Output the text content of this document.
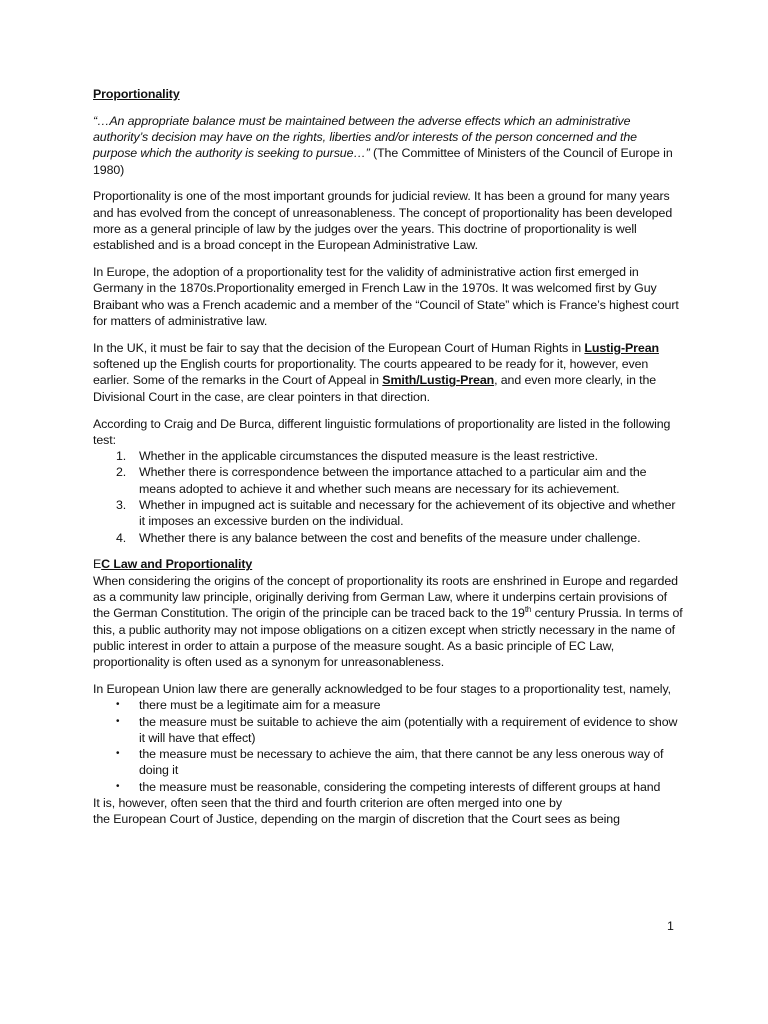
Proportionality

“…An appropriate balance must be maintained between the adverse effects which an administrative authority’s decision may have on the rights, liberties and/or interests of the person concerned and the purpose which the authority is seeking to pursue…” (The Committee of Ministers of the Council of Europe in 1980)

Proportionality is one of the most important grounds for judicial review. It has been a ground for many years and has evolved from the concept of unreasonableness. The concept of proportionality has been developed more as a general principle of law by the judges over the years. This doctrine of proportionality is well established and is a broad concept in the European Administrative Law.

In Europe, the adoption of a proportionality test for the validity of administrative action first emerged in Germany in the 1870s.Proportionality emerged in French Law in the 1970s. It was welcomed first by Guy Braibant who was a French academic and a member of the “Council of State” which is France’s highest court for matters of administrative law.

In the UK, it must be fair to say that the decision of the European Court of Human Rights in Lustig-Prean softened up the English courts for proportionality. The courts appeared to be ready for it, however, even earlier. Some of the remarks in the Court of Appeal in Smith/Lustig-Prean, and even more clearly, in the Divisional Court in the case, are clear pointers in that direction.

According to Craig and De Burca, different linguistic formulations of proportionality are listed in the following test:

1. Whether in the applicable circumstances the disputed measure is the least restrictive.
2. Whether there is correspondence between the importance attached to a particular aim and the means adopted to achieve it and whether such means are necessary for its achievement.
3. Whether in impugned act is suitable and necessary for the achievement of its objective and whether it imposes an excessive burden on the individual.
4. Whether there is any balance between the cost and benefits of the measure under challenge.

EC Law and Proportionality

When considering the origins of the concept of proportionality its roots are enshrined in Europe and regarded as a community law principle, originally deriving from German Law, where it underpins certain provisions of the German Constitution. The origin of the principle can be traced back to the 19th century Prussia. In terms of this, a public authority may not impose obligations on a citizen except when strictly necessary in the name of public interest in order to attain a purpose of the measure sought. As a basic principle of EC Law, proportionality is often used as a synonym for unreasonableness.

In European Union law there are generally acknowledged to be four stages to a proportionality test, namely,

• there must be a legitimate aim for a measure
• the measure must be suitable to achieve the aim (potentially with a requirement of evidence to show it will have that effect)
• the measure must be necessary to achieve the aim, that there cannot be any less onerous way of doing it
• the measure must be reasonable, considering the competing interests of different groups at hand

It is, however, often seen that the third and fourth criterion are often merged into one by
the European Court of Justice, depending on the margin of discretion that the Court sees as being

1
